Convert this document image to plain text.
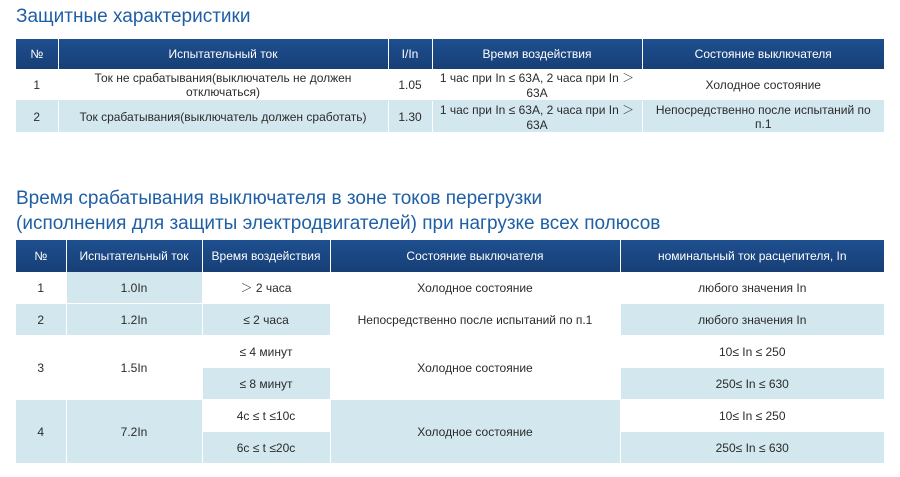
Защитные характеристики
№	Испытательный ток	I/In	Время воздействия	Состояние выключателя
1	Ток не срабатывания(выключатель не должен отключаться)	1.05	1 час при In ≤ 63A, 2 часа при In ＞63A	Холодное состояние
2	Ток срабатывания(выключатель должен сработать)	1.30	1 час при In ≤ 63A, 2 часа при In ＞63A	Непосредственно после испытаний по п.1
Время срабатывания выключателя в зоне токов перегрузки
(исполнения для защиты электродвигателей) при нагрузке всех полюсов
№	Испытательный ток	Время воздействия	Состояние выключателя	номинальный ток расцепителя, In
1	1.0In	＞ 2 часа	Холодное состояние	любого значения In
2	1.2In	≤ 2 часа	Непосредственно после испытаний по п.1	любого значения In
3	1.5In	≤ 4 минут	Холодное состояние	10≤ In ≤ 250
		≤ 8 минут		250≤ In ≤ 630
4	7.2In	4с ≤ t ≤10с	Холодное состояние	10≤ In ≤ 250
		6с ≤ t ≤20с		250≤ In ≤ 630
